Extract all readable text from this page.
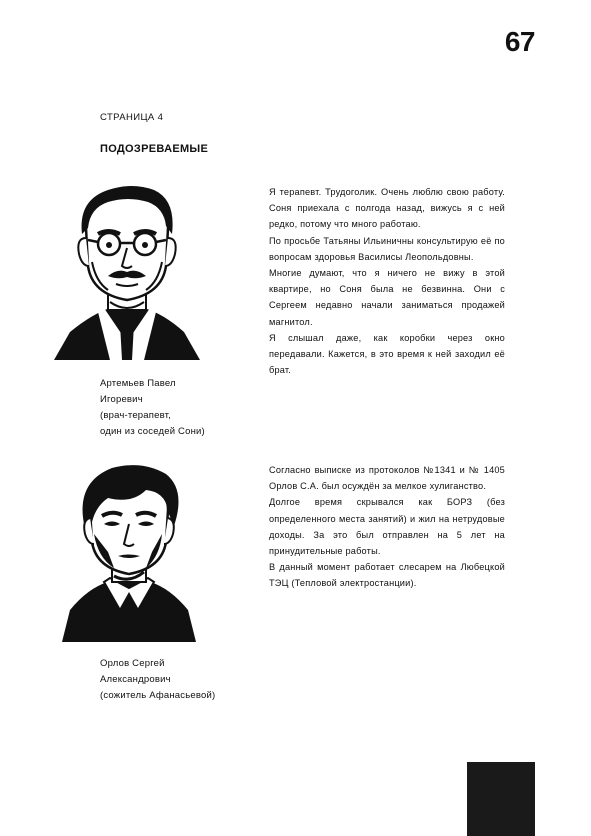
67
СТРАНИЦА 4
ПОДОЗРЕВАЕМЫЕ
Артемьев Павел
Игоревич
(врач-терапевт,
один из соседей Сони)
Я терапевт. Трудоголик. Очень люблю свою работу. Соня приехала с полгода назад, вижусь я с ней редко, потому что много работаю.
По просьбе Татьяны Ильиничны консультирую её по вопросам здоровья Василисы Леопольдовны.
Многие думают, что я ничего не вижу в этой квартире, но Соня была не безвинна. Они с Сергеем недавно начали заниматься продажей магнитол.
Я слышал даже, как коробки через окно передавали. Кажется, в это время к ней заходил её брат.
Орлов Сергей
Александрович
(сожитель Афанасьевой)
Согласно выписке из протоколов №1341 и № 1405 Орлов С.А. был осуждён за мелкое хулиганство.
Долгое время скрывался как БОРЗ (без определенного места занятий) и жил на нетрудовые доходы. За это был отправлен на 5 лет на принудительные работы.
В данный момент работает слесарем на Любецкой ТЭЦ (Тепловой электростанции).
